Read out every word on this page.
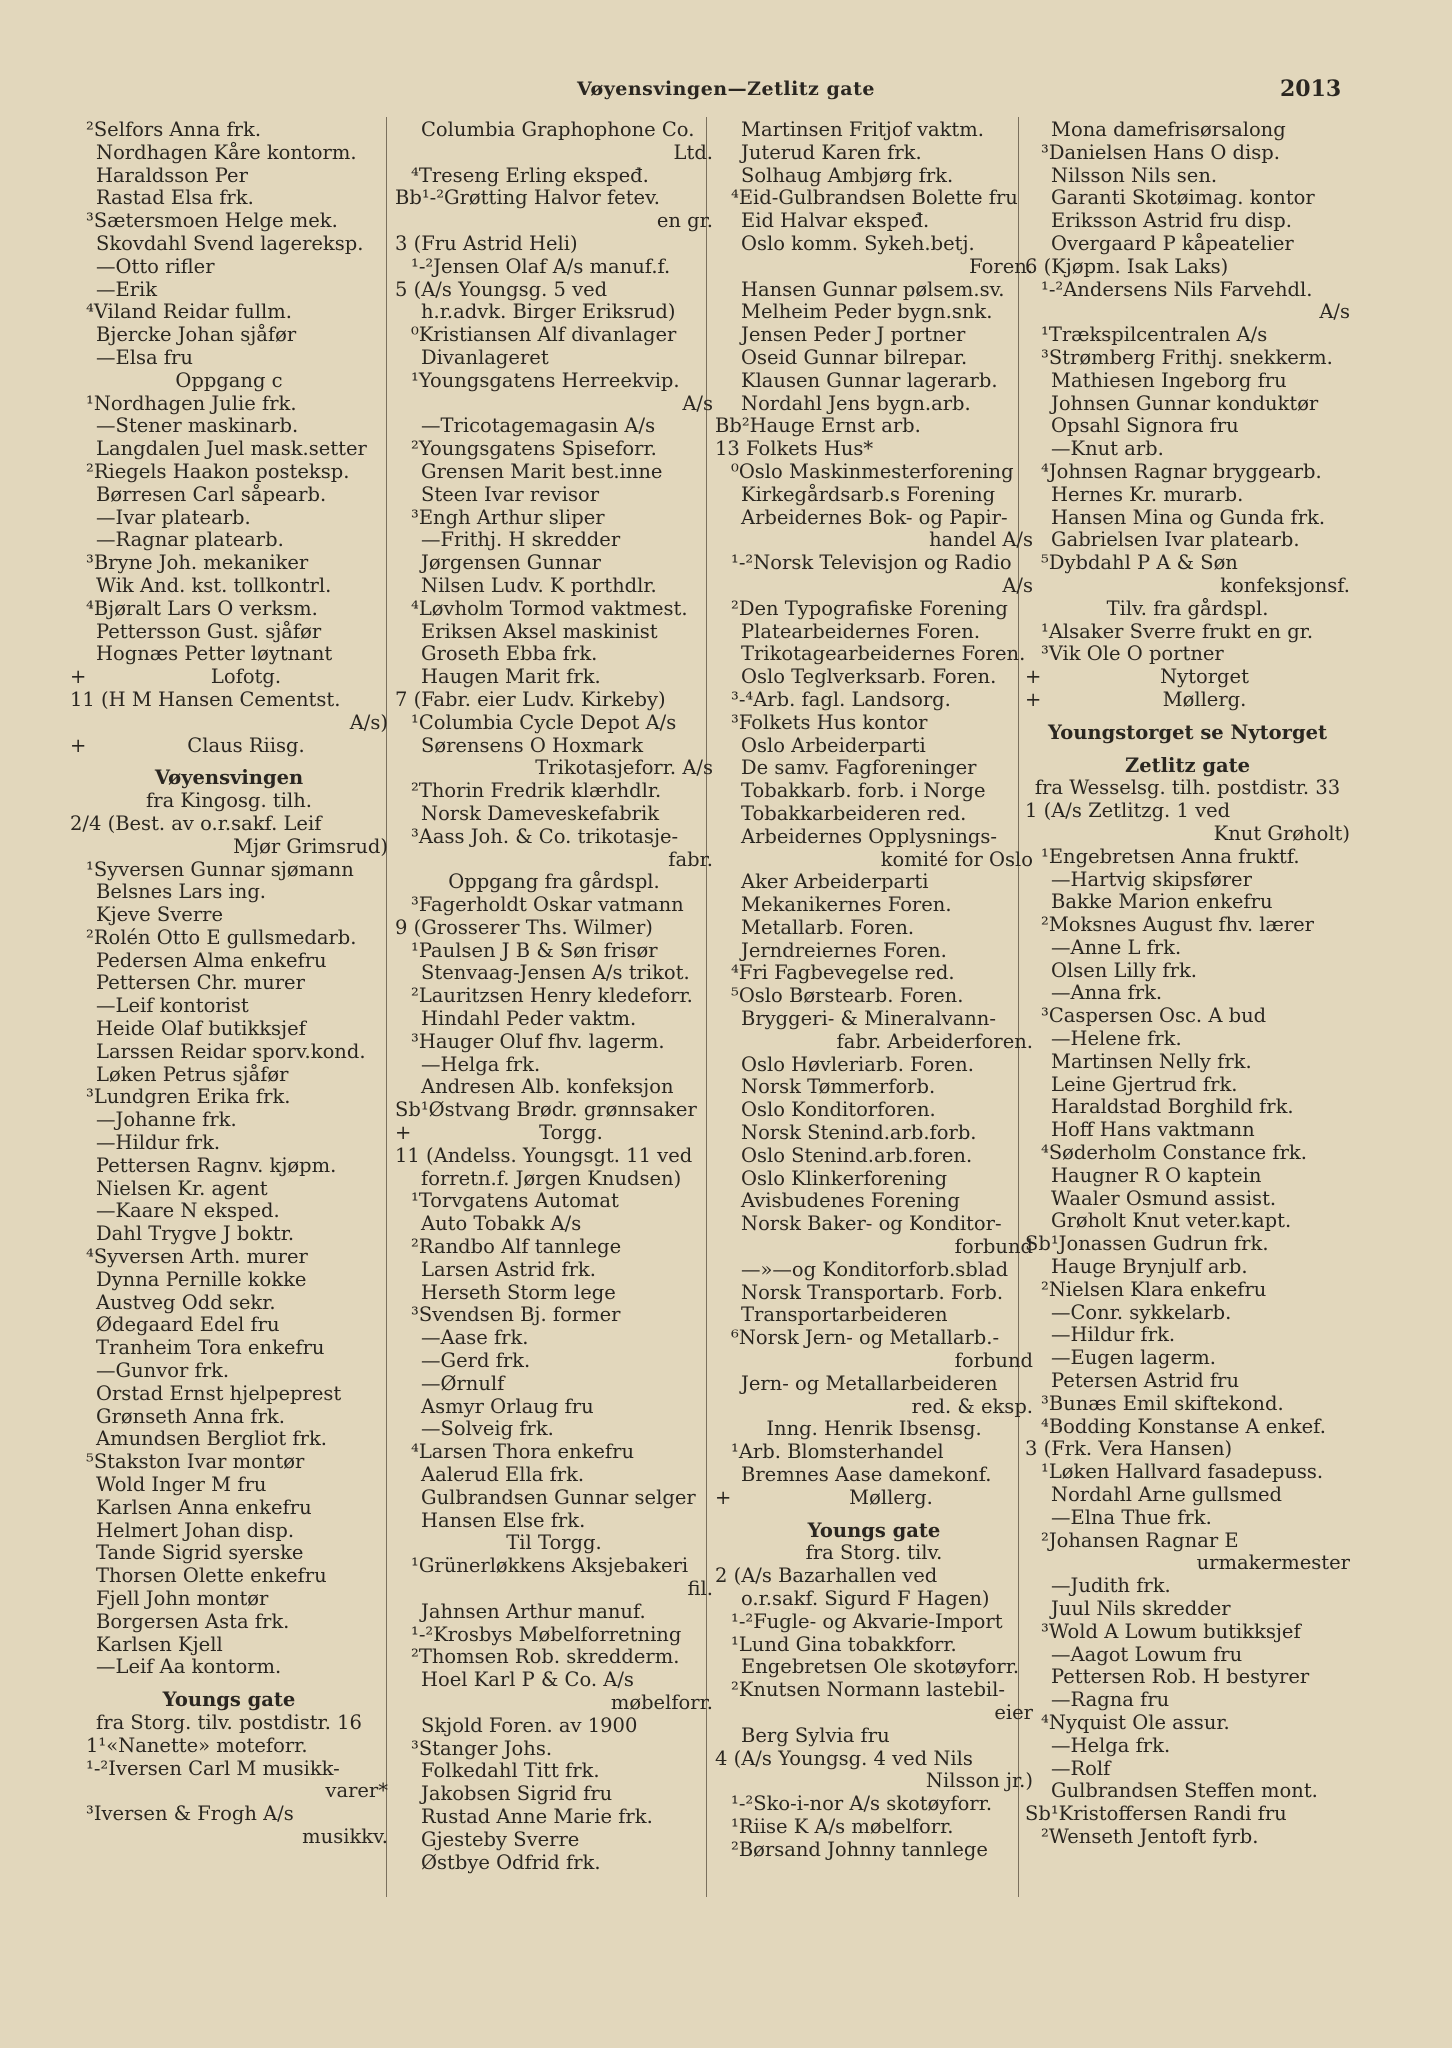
Vøyensvingen—Zetlitz gate	2013
²Selfors Anna frk.
Nordhagen Kåre kontorm.
Haraldsson Per
Rastad Elsa frk.
³Sætersmoen Helge mek.
Skovdahl Svend lagereksp.
—Otto rifler
—Erik
⁴Viland Reidar fullm.
Bjercke Johan sjåfør
—Elsa fru
Oppgang c
¹Nordhagen Julie frk.
—Stener maskinarb.
Langdalen Juel mask.setter
²Riegels Haakon posteksp.
Børresen Carl såpearb.
—Ivar platearb.
—Ragnar platearb.
³Bryne Joh. mekaniker
Wik And. kst. tollkontrl.
⁴Bjøralt Lars O verksm.
Pettersson Gust. sjåfør
Hognæs Petter løytnant
+	Lofotg.
11 (H M Hansen Cementst.
A/s)
+	Claus Riisg.
Vøyensvingen
fra Kingosg. tilh.
2/4 (Best. av o.r.sakf. Leif
Mjør Grimsrud)
¹Syversen Gunnar sjømann
Belsnes Lars ing.
Kjeve Sverre
²Rolén Otto E gullsmedarb.
Pedersen Alma enkefru
Pettersen Chr. murer
—Leif kontorist
Heide Olaf butikksjef
Larssen Reidar sporv.kond.
Løken Petrus sjåfør
³Lundgren Erika frk.
—Johanne frk.
—Hildur frk.
Pettersen Ragnv. kjøpm.
Nielsen Kr. agent
—Kaare N eksped.
Dahl Trygve J boktr.
⁴Syversen Arth. murer
Dynna Pernille kokke
Austveg Odd sekr.
Ødegaard Edel fru
Tranheim Tora enkefru
—Gunvor frk.
Orstad Ernst hjelpeprest
Grønseth Anna frk.
Amundsen Bergliot frk.
⁵Stakston Ivar montør
Wold Inger M fru
Karlsen Anna enkefru
Helmert Johan disp.
Tande Sigrid syerske
Thorsen Olette enkefru
Fjell John montør
Borgersen Asta frk.
Karlsen Kjell
—Leif Aa kontorm.
Youngs gate
fra Storg. tilv. postdistr. 16
1¹«Nanette» moteforr.
¹‑²Iversen Carl M musikk-
varer*
³Iversen & Frogh A/s
musikkv.
Columbia Graphophone Co.
Ltd.
⁴Treseng Erling ekspeđ.
Bb¹‑²Grøtting Halvor fetev.
en gr.
3 (Fru Astrid Heli)
¹‑²Jensen Olaf A/s manuf.f.
5 (A/s Youngsg. 5 ved
h.r.advk. Birger Eriksrud)
⁰Kristiansen Alf divanlager
Divanlageret
¹Youngsgatens Herreekvip.
A/s
—Tricotagemagasin A/s
²Youngsgatens Spiseforr.
Grensen Marit best.inne
Steen Ivar revisor
³Engh Arthur sliper
—Frithj. H skredder
Jørgensen Gunnar
Nilsen Ludv. K porthdlr.
⁴Løvholm Tormod vaktmest.
Eriksen Aksel maskinist
Groseth Ebba frk.
Haugen Marit frk.
7 (Fabr. eier Ludv. Kirkeby)
¹Columbia Cycle Depot A/s
Sørensens O Hoxmark
Trikotasjeforr. A/s
²Thorin Fredrik klærhdlr.
Norsk Dameveskefabrik
³Aass Joh. & Co. trikotasje-
fabr.
Oppgang fra gårdspl.
³Fagerholdt Oskar vatmann
9 (Grosserer Ths. Wilmer)
¹Paulsen J B & Søn frisør
Stenvaag-Jensen A/s trikot.
²Lauritzsen Henry kledeforr.
Hindahl Peder vaktm.
³Hauger Oluf fhv. lagerm.
—Helga frk.
Andresen Alb. konfeksjon
Sb¹Østvang Brødr. grønnsaker
+	Torgg.
11 (Andelss. Youngsgt. 11 ved
forretn.f. Jørgen Knudsen)
¹Torvgatens Automat
Auto Tobakk A/s
²Randbo Alf tannlege
Larsen Astrid frk.
Herseth Storm lege
³Svendsen Bj. former
—Aase frk.
—Gerd frk.
—Ørnulf
Asmyr Orlaug fru
—Solveig frk.
⁴Larsen Thora enkefru
Aalerud Ella frk.
Gulbrandsen Gunnar selger
Hansen Else frk.
Til Torgg.
¹Grünerløkkens Aksjebakeri
fil.
Jahnsen Arthur manuf.
¹‑²Krosbys Møbelforretning
²Thomsen Rob. skredderm.
Hoel Karl P & Co. A/s
møbelforr.
Skjold Foren. av 1900
³Stanger Johs.
Folkedahl Titt frk.
Jakobsen Sigrid fru
Rustad Anne Marie frk.
Gjesteby Sverre
Østbye Odfrid frk.
Martinsen Fritjof vaktm.
Juterud Karen frk.
Solhaug Ambjørg frk.
⁴Eid-Gulbrandsen Bolette fru
Eid Halvar ekspeđ.
Oslo komm. Sykeh.betj.
Foren.
Hansen Gunnar pølsem.sv.
Melheim Peder bygn.snk.
Jensen Peder J portner
Oseid Gunnar bilrepar.
Klausen Gunnar lagerarb.
Nordahl Jens bygn.arb.
Bb²Hauge Ernst arb.
13 Folkets Hus*
⁰Oslo Maskinmesterforening
Kirkegårdsarb.s Forening
Arbeidernes Bok- og Papir-
handel A/s
¹‑²Norsk Televisjon og Radio
A/s
²Den Typografiske Forening
Platearbeidernes Foren.
Trikotagearbeidernes Foren.
Oslo Teglverksarb. Foren.
³‑⁴Arb. fagl. Landsorg.
³Folkets Hus kontor
Oslo Arbeiderparti
De samv. Fagforeninger
Tobakkarb. forb. i Norge
Tobakkarbeideren red.
Arbeidernes Opplysnings-
komité for Oslo
Aker Arbeiderparti
Mekanikernes Foren.
Metallarb. Foren.
Jerndreiernes Foren.
⁴Fri Fagbevegelse red.
⁵Oslo Børstearb. Foren.
Bryggeri- & Mineralvann-
fabr. Arbeiderforen.
Oslo Høvleriarb. Foren.
Norsk Tømmerforb.
Oslo Konditorforen.
Norsk Stenind.arb.forb.
Oslo Stenind.arb.foren.
Oslo Klinkerforening
Avisbudenes Forening
Norsk Baker- og Konditor-
forbund
—»—og Konditorforb.sblad
Norsk Transportarb. Forb.
Transportarbeideren
⁶Norsk Jern- og Metallarb.-
forbund
Jern- og Metallarbeideren
red. & eksp.
Inng. Henrik Ibsensg.
¹Arb. Blomsterhandel
Bremnes Aase damekonf.
+	Møllerg.
Youngs gate
fra Storg. tilv.
2 (A/s Bazarhallen ved
o.r.sakf. Sigurd F Hagen)
¹‑²Fugle- og Akvarie-Import
¹Lund Gina tobakkforr.
Engebretsen Ole skotøyforr.
²Knutsen Normann lastebil-
eier
Berg Sylvia fru
4 (A/s Youngsg. 4 ved Nils
Nilsson jr.)
¹‑²Sko-i-nor A/s skotøyforr.
¹Riise K A/s møbelforr.
²Børsand Johnny tannlege
Mona damefrisørsalong
³Danielsen Hans O disp.
Nilsson Nils sen.
Garanti Skotøimag. kontor
Eriksson Astrid fru disp.
Overgaard P kåpeatelier
6 (Kjøpm. Isak Laks)
¹‑²Andersens Nils Farvehdl.
A/s
¹Trækspilcentralen A/s
³Strømberg Frithj. snekkerm.
Mathiesen Ingeborg fru
Johnsen Gunnar konduktør
Opsahl Signora fru
—Knut arb.
⁴Johnsen Ragnar bryggearb.
Hernes Kr. murarb.
Hansen Mina og Gunda frk.
Gabrielsen Ivar platearb.
⁵Dybdahl P A & Søn
konfeksjonsf.
Tilv. fra gårdspl.
¹Alsaker Sverre frukt en gr.
³Vik Ole O portner
+	Nytorget
+	Møllerg.
Youngstorget se Nytorget
Zetlitz gate
fra Wesselsg. tilh. postdistr. 33
1 (A/s Zetlitzg. 1 ved
Knut Grøholt)
¹Engebretsen Anna fruktf.
—Hartvig skipsfører
Bakke Marion enkefru
²Moksnes August fhv. lærer
—Anne L frk.
Olsen Lilly frk.
—Anna frk.
³Caspersen Osc. A bud
—Helene frk.
Martinsen Nelly frk.
Leine Gjertrud frk.
Haraldstad Borghild frk.
Hoff Hans vaktmann
⁴Søderholm Constance frk.
Haugner R O kaptein
Waaler Osmund assist.
Grøholt Knut veter.kapt.
Sb¹Jonassen Gudrun frk.
Hauge Brynjulf arb.
²Nielsen Klara enkefru
—Conr. sykkelarb.
—Hildur frk.
—Eugen lagerm.
Petersen Astrid fru
³Bunæs Emil skiftekond.
⁴Bodding Konstanse A enkef.
3 (Frk. Vera Hansen)
¹Løken Hallvard fasadepuss.
Nordahl Arne gullsmed
—Elna Thue frk.
²Johansen Ragnar E
urmakermester
—Judith frk.
Juul Nils skredder
³Wold A Lowum butikksjef
—Aagot Lowum fru
Pettersen Rob. H bestyrer
—Ragna fru
⁴Nyquist Ole assur.
—Helga frk.
—Rolf
Gulbrandsen Steffen mont.
Sb¹Kristoffersen Randi fru
²Wenseth Jentoft fyrb.
